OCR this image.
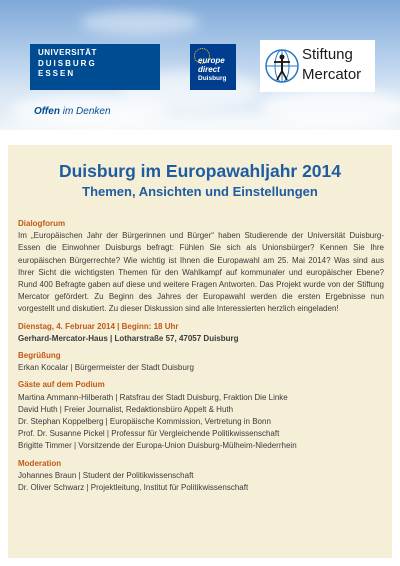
UNIVERSITÄT
DUISBURG
ESSEN
Offen im Denken
europe
direct
Duisburg
Stiftung
Mercator
Duisburg im Europawahljahr 2014
Themen, Ansichten und Einstellungen

Dialogforum
Im „Europäischen Jahr der Bürgerinnen und Bürger“ haben Studierende der Universität Duisburg-Essen die Einwohner Duisburgs befragt: Fühlen Sie sich als Unionsbürger? Kennen Sie Ihre europäischen Bürgerrechte? Wie wichtig ist Ihnen die Europawahl am 25. Mai 2014? Was sind aus Ihrer Sicht die wichtigsten Themen für den Wahlkampf auf kommunaler und europäischer Ebene? Rund 400 Befragte gaben auf diese und weitere Fragen Antworten. Das Projekt wurde von der Stiftung Mercator gefördert. Zu Beginn des Jahres der Europawahl werden die ersten Ergebnisse nun vorgestellt und diskutiert. Zu dieser Diskussion sind alle Interessierten herzlich eingeladen!

Dienstag, 4. Februar 2014 | Beginn: 18 Uhr
Gerhard-Mercator-Haus | Lotharstraße 57, 47057 Duisburg
Begrüßung
Erkan Kocalar | Bürgermeister der Stadt Duisburg
Gäste auf dem Podium
Martina Ammann-Hilberath | Ratsfrau der Stadt Duisburg, Fraktion Die Linke
David Huth | Freier Journalist, Redaktionsbüro Appelt & Huth
Dr. Stephan Koppelberg | Europäische Kommission, Vertretung in Bonn
Prof. Dr. Susanne Pickel | Professur für Vergleichende Politikwissenschaft
Brigitte Timmer | Vorsitzende der Europa-Union Duisburg-Mülheim-Niederrhein
Moderation
Johannes Braun | Student der Politikwissenschaft
Dr. Oliver Schwarz | Projektleitung, Institut für Politikwissenschaft
